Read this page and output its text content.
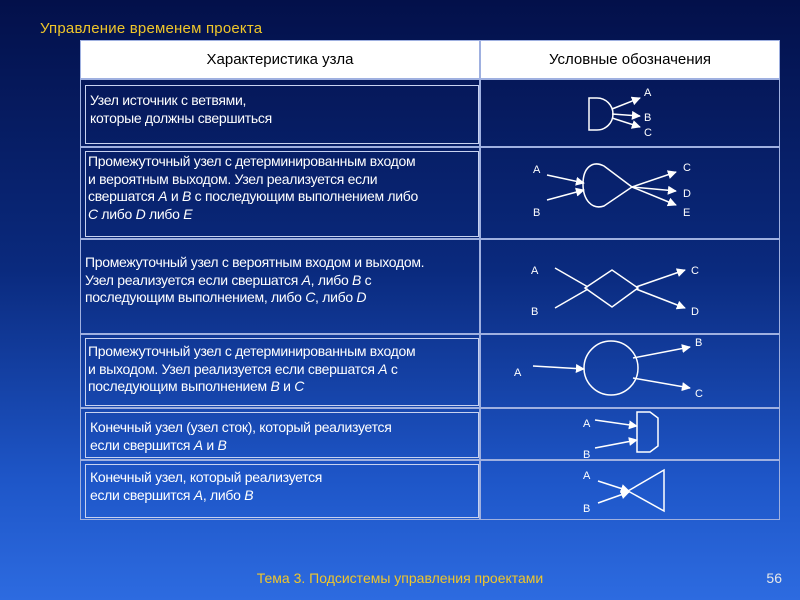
Управление временем проекта
Характеристика узла	Условные обозначения
Узел источник с ветвями,
которые должны свершиться
Промежуточный узел с детерминированным входом
и вероятным выходом. Узел реализуется если
свершатся A и B с последующим выполнением либо
C либо D либо E
Промежуточный узел с вероятным входом и выходом.
Узел реализуется если свершатся A, либо B с
последующим выполнением, либо C, либо D
Промежуточный узел с детерминированным входом
и выходом. Узел реализуется если свершатся A с
последующим выполнением B и C
Конечный узел (узел сток), который реализуется
если свершится A и B
Конечный узел, который реализуется
если свершится A, либо B
A
B
C
A
B
C
D
E
A
B
C
D
A
B
C
A
B
A
B
Тема 3. Подсистемы управления проектами	56
